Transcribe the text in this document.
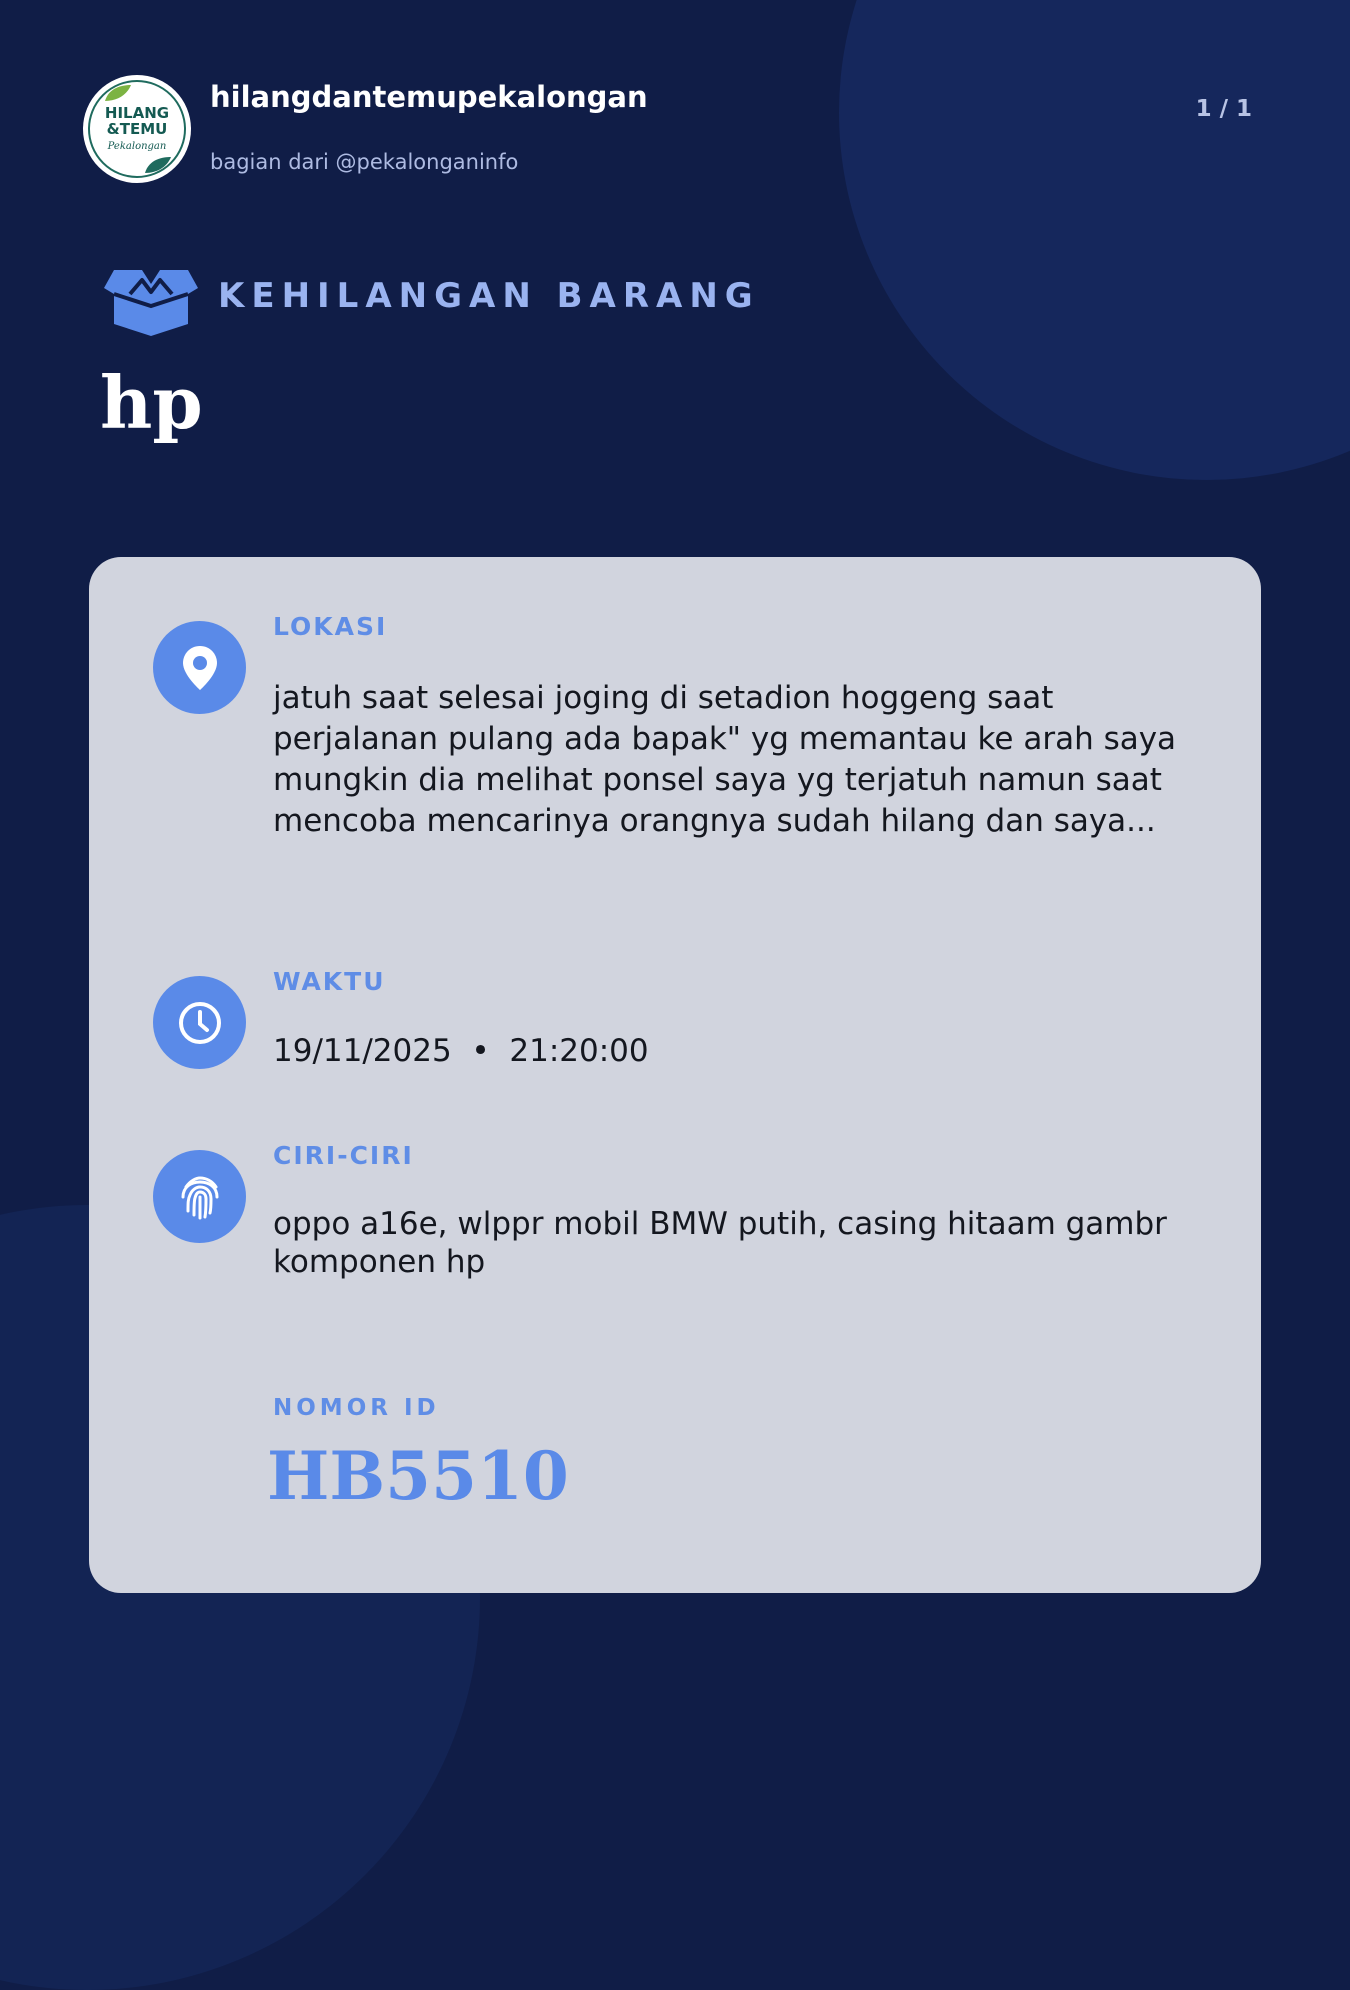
HILANG
&TEMU
Pekalongan
hilangdantemupekalongan
bagian dari @pekalonganinfo
1 / 1
KEHILANGAN BARANG
hp
LOKASI
jatuh saat selesai joging di setadion hoggeng saat perjalanan pulang ada bapak" yg memantau ke arah saya mungkin dia melihat ponsel saya yg terjatuh namun saat mencoba mencarinya orangnya sudah hilang dan saya...
WAKTU
19/11/2025  •  21:20:00
CIRI-CIRI
oppo a16e, wlppr mobil BMW putih, casing hitaam gambr komponen hp
NOMOR ID
HB5510
